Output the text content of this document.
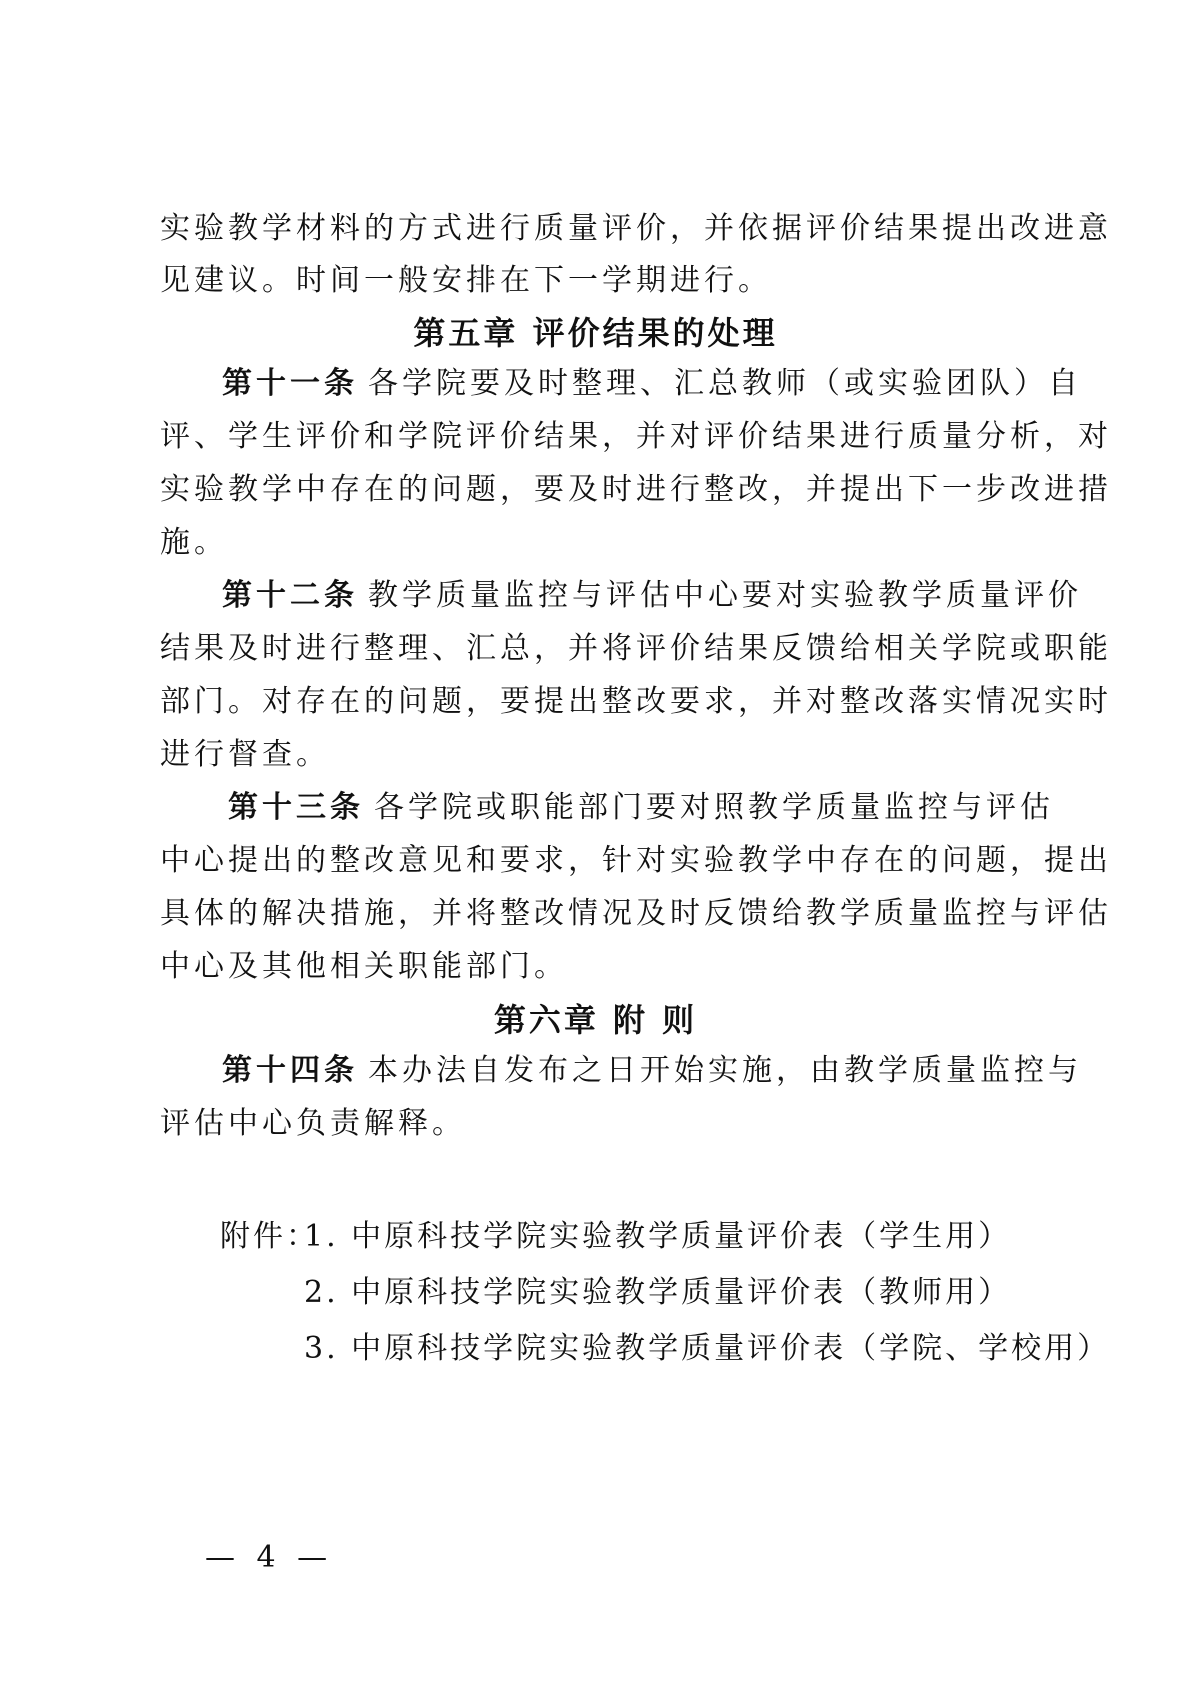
实验教学材料的方式进行质量评价，并依据评价结果提出改进意
见建议。时间一般安排在下一学期进行。
第五章 评价结果的处理
第十一条 各学院要及时整理、汇总教师（或实验团队）自
评、学生评价和学院评价结果，并对评价结果进行质量分析，对
实验教学中存在的问题，要及时进行整改，并提出下一步改进措
施。
第十二条 教学质量监控与评估中心要对实验教学质量评价
结果及时进行整理、汇总，并将评价结果反馈给相关学院或职能
部门。对存在的问题，要提出整改要求，并对整改落实情况实时
进行督查。
第十三条 各学院或职能部门要对照教学质量监控与评估
中心提出的整改意见和要求，针对实验教学中存在的问题，提出
具体的解决措施，并将整改情况及时反馈给教学质量监控与评估
中心及其他相关职能部门。
第六章 附 则
第十四条 本办法自发布之日开始实施，由教学质量监控与
评估中心负责解释。
附件：
1. 中原科技学院实验教学质量评价表（学生用）
2. 中原科技学院实验教学质量评价表（教师用）
3. 中原科技学院实验教学质量评价表（学院、学校用）
— 4 —
